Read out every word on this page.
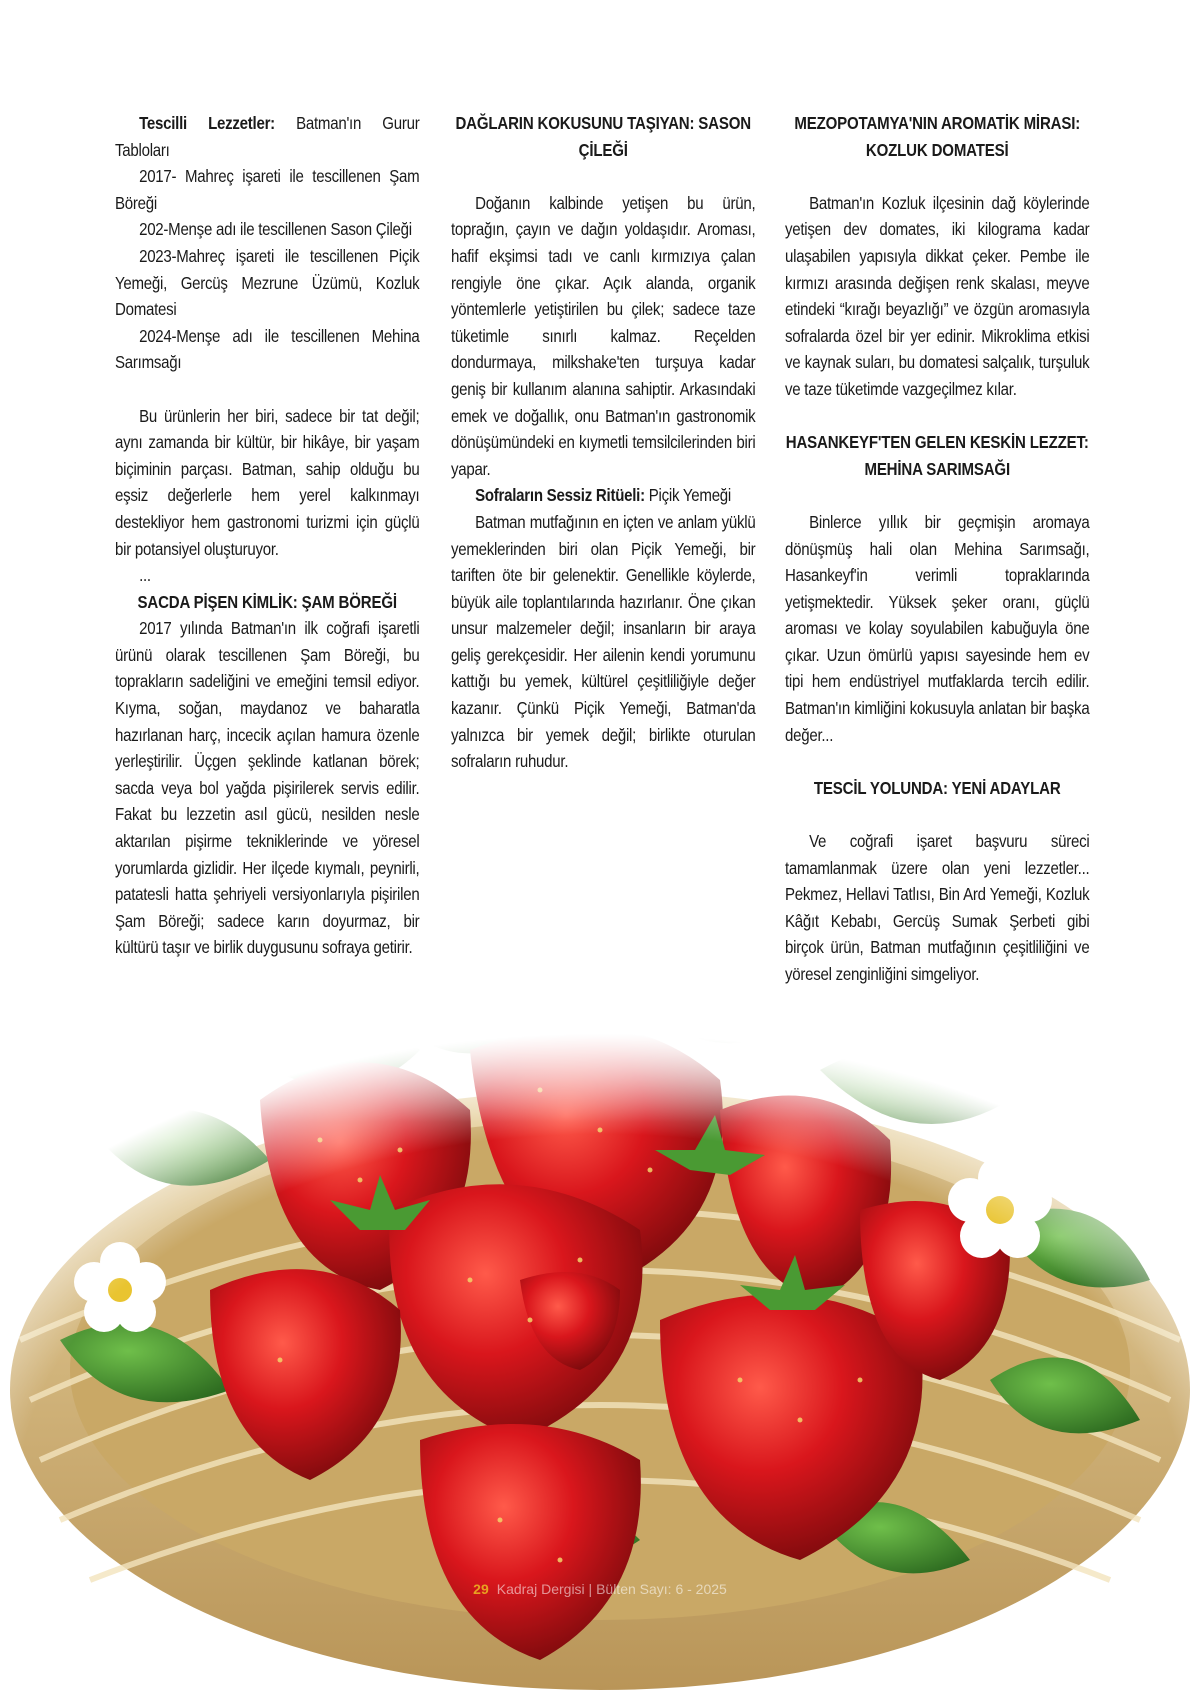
Tescilli Lezzetler: Batman'ın Gurur Tabloları

2017- Mahreç işareti ile tescillenen Şam Böreği

202-Menşe adı ile tescillenen Sason Çileği

2023-Mahreç işareti ile tescillenen Piçik Yemeği, Gercüş Mezrune Üzümü, Kozluk Domatesi

2024-Menşe adı ile tescillenen Mehina Sarımsağı

Bu ürünlerin her biri, sadece bir tat değil; aynı zamanda bir kültür, bir hikâye, bir yaşam biçiminin parçası. Batman, sahip olduğu bu eşsiz değerlerle hem yerel kalkınmayı destekliyor hem gastronomi turizmi için güçlü bir potansiyel oluşturuyor.

...

SACDA PİŞEN KİMLİK: ŞAM BÖREĞİ

2017 yılında Batman'ın ilk coğrafi işaretli ürünü olarak tescillenen Şam Böreği, bu toprakların sadeliğini ve emeğini temsil ediyor. Kıyma, soğan, maydanoz ve baharatla hazırlanan harç, incecik açılan hamura özenle yerleştirilir. Üçgen şeklinde katlanan börek; sacda veya bol yağda pişirilerek servis edilir. Fakat bu lezzetin asıl gücü, nesilden nesle aktarılan pişirme tekniklerinde ve yöresel yorumlarda gizlidir. Her ilçede kıymalı, peynirli, patatesli hatta şehriyeli versiyonlarıyla pişirilen Şam Böreği; sadece karın doyurmaz, bir kültürü taşır ve birlik duygusunu sofraya getirir.

DAĞLARIN KOKUSUNU TAŞIYAN: SASON ÇİLEĞİ

Doğanın kalbinde yetişen bu ürün, toprağın, çayın ve dağın yoldaşıdır. Aroması, hafif ekşimsi tadı ve canlı kırmızıya çalan rengiyle öne çıkar. Açık alanda, organik yöntemlerle yetiştirilen bu çilek; sadece taze tüketimle sınırlı kalmaz. Reçelden dondurmaya, milkshake'ten turşuya kadar geniş bir kullanım alanına sahiptir. Arkasındaki emek ve doğallık, onu Batman'ın gastronomik dönüşümündeki en kıymetli temsilcilerinden biri yapar.

Sofraların Sessiz Ritüeli: Piçik Yemeği

Batman mutfağının en içten ve anlam yüklü yemeklerinden biri olan Piçik Yemeği, bir tariften öte bir gelenektir. Genellikle köylerde, büyük aile toplantılarında hazırlanır. Öne çıkan unsur malzemeler değil; insanların bir araya geliş gerekçesidir. Her ailenin kendi yorumunu kattığı bu yemek, kültürel çeşitliliğiyle değer kazanır. Çünkü Piçik Yemeği, Batman'da yalnızca bir yemek değil; birlikte oturulan sofraların ruhudur.

MEZOPOTAMYA'NIN AROMATİK MİRASI: KOZLUK DOMATESİ

Batman'ın Kozluk ilçesinin dağ köylerinde yetişen dev domates, iki kilograma kadar ulaşabilen yapısıyla dikkat çeker. Pembe ile kırmızı arasında değişen renk skalası, meyve etindeki “kırağı beyazlığı” ve özgün aromasıyla sofralarda özel bir yer edinir. Mikroklima etkisi ve kaynak suları, bu domatesi salçalık, turşuluk ve taze tüketimde vazgeçilmez kılar.

HASANKEYF'TEN GELEN KESKİN LEZZET: MEHİNA SARIMSAĞI

Binlerce yıllık bir geçmişin aromaya dönüşmüş hali olan Mehina Sarımsağı, Hasankeyf'in verimli topraklarında yetişmektedir. Yüksek şeker oranı, güçlü aroması ve kolay soyulabilen kabuğuyla öne çıkar. Uzun ömürlü yapısı sayesinde hem ev tipi hem endüstriyel mutfaklarda tercih edilir. Batman'ın kimliğini kokusuyla anlatan bir başka değer...

TESCİL YOLUNDA: YENİ ADAYLAR

Ve coğrafi işaret başvuru süreci tamamlanmak üzere olan yeni lezzetler... Pekmez, Hellavi Tatlısı, Bin Ard Yemeği, Kozluk Kâğıt Kebabı, Gercüş Sumak Şerbeti gibi birçok ürün, Batman mutfağının çeşitliliğini ve yöresel zenginliğini simgeliyor.

29 Kadraj Dergisi | Bülten Sayı: 6 - 2025
